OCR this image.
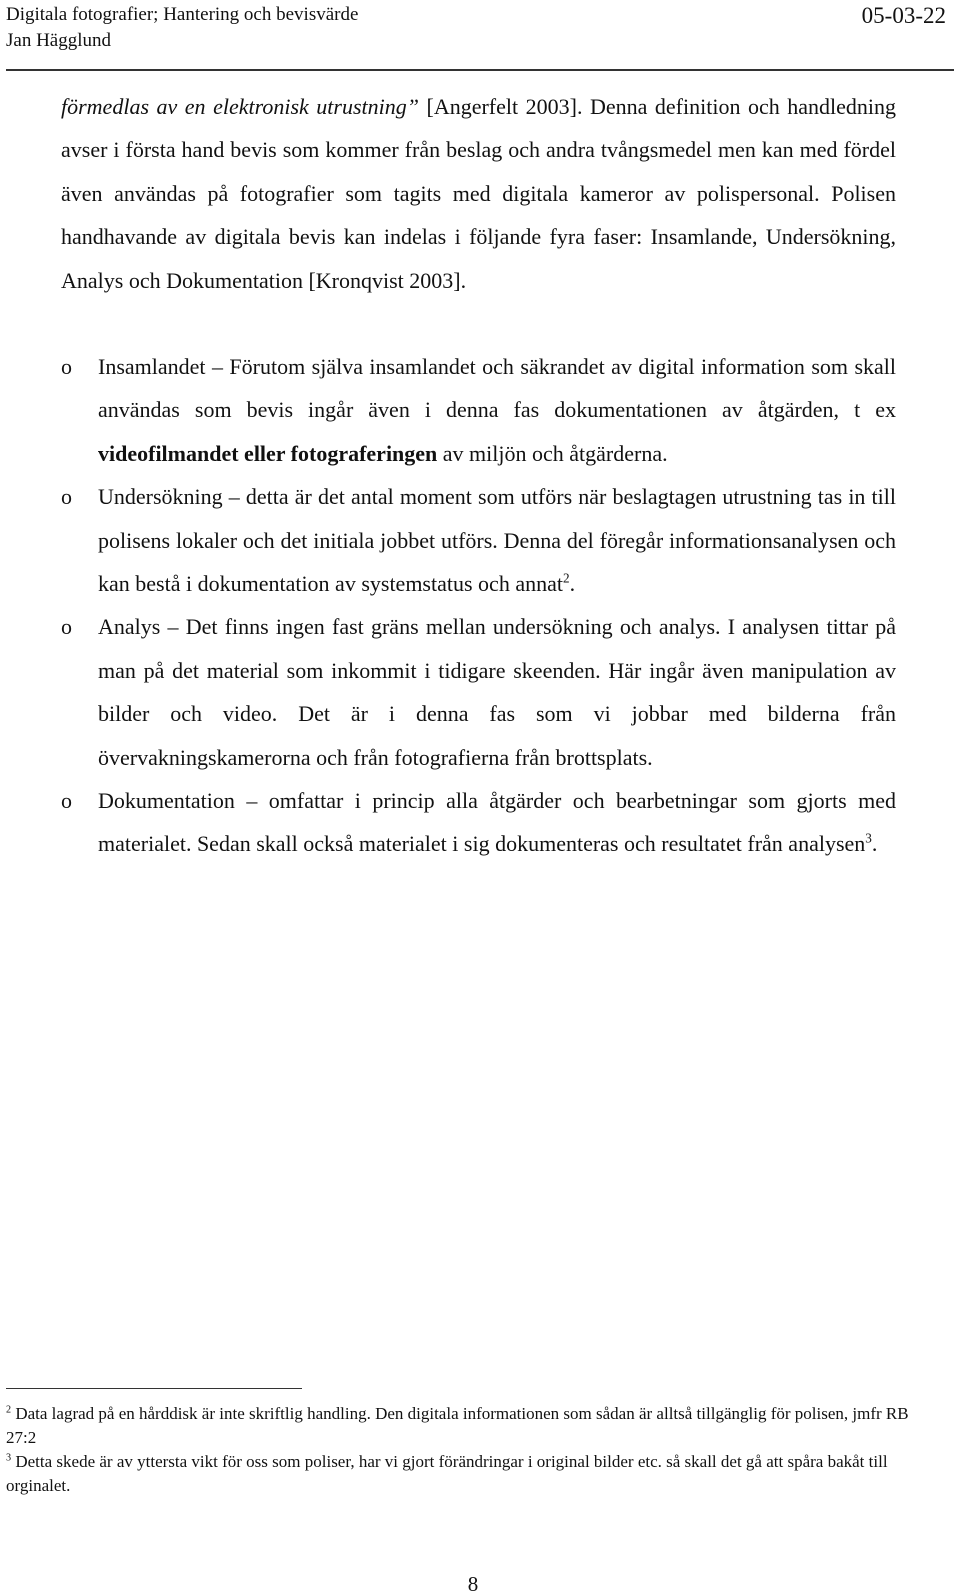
Digitala fotografier; Hantering och bevisvärde
Jan Hägglund
05-03-22

förmedlas av en elektronisk utrustning” [Angerfelt 2003]. Denna definition och handledning avser i första hand bevis som kommer från beslag och andra tvångsmedel men kan med fördel även användas på fotografier som tagits med digitala kameror av polispersonal. Polisen handhavande av digitala bevis kan indelas i följande fyra faser: Insamlande, Undersökning, Analys och Dokumentation [Kronqvist 2003].

o Insamlandet – Förutom själva insamlandet och säkrandet av digital information som skall användas som bevis ingår även i denna fas dokumentationen av åtgärden, t ex videofilmandet eller fotograferingen av miljön och åtgärderna.
o Undersökning – detta är det antal moment som utförs när beslagtagen utrustning tas in till polisens lokaler och det initiala jobbet utförs. Denna del föregår informationsanalysen och kan bestå i dokumentation av systemstatus och annat$^2$.
o Analys – Det finns ingen fast gräns mellan undersökning och analys. I analysen tittar på man på det material som inkommit i tidigare skeenden. Här ingår även manipulation av bilder och video. Det är i denna fas som vi jobbar med bilderna från övervakningskamerorna och från fotografierna från brottsplats.
o Dokumentation – omfattar i princip alla åtgärder och bearbetningar som gjorts med materialet. Sedan skall också materialet i sig dokumenteras och resultatet från analysen$^3$.

$^2$ Data lagrad på en hårddisk är inte skriftlig handling. Den digitala informationen som sådan är alltså tillgänglig för polisen, jmfr RB 27:2

$^3$ Detta skede är av yttersta vikt för oss som poliser, har vi gjort förändringar i original bilder etc. så skall det gå att spåra bakåt till orginalet.

8
